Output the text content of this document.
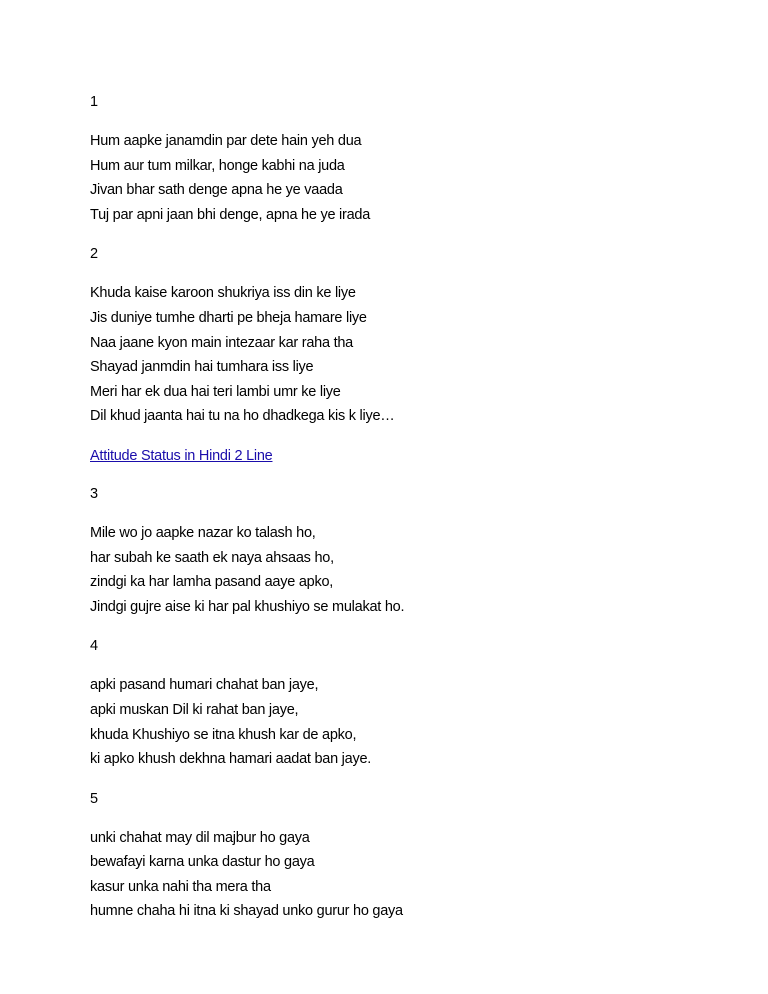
1
Hum aapke janamdin par dete hain yeh dua
Hum aur tum milkar, honge kabhi na juda
Jivan bhar sath denge apna he ye vaada
Tuj par apni jaan bhi denge, apna he ye irada
2
Khuda kaise karoon shukriya iss din ke liye
Jis duniye tumhe dharti pe bheja hamare liye
Naa jaane kyon main intezaar kar raha tha
Shayad janmdin hai tumhara iss liye
Meri har ek dua hai teri lambi umr ke liye
Dil khud jaanta hai tu na ho dhadkega kis k liye…
Attitude Status in Hindi 2 Line
3
Mile wo jo aapke nazar ko talash ho,
har subah ke saath ek naya ahsaas ho,
zindgi ka har lamha pasand aaye apko,
Jindgi gujre aise ki har pal khushiyo se mulakat ho.
4
apki pasand humari chahat ban jaye,
apki muskan Dil ki rahat ban jaye,
khuda Khushiyo se itna khush kar de apko,
ki apko khush dekhna hamari aadat ban jaye.
5
unki chahat may dil majbur ho gaya
bewafayi karna unka dastur ho gaya
kasur unka nahi tha mera tha
humne chaha hi itna ki shayad unko gurur ho gaya
